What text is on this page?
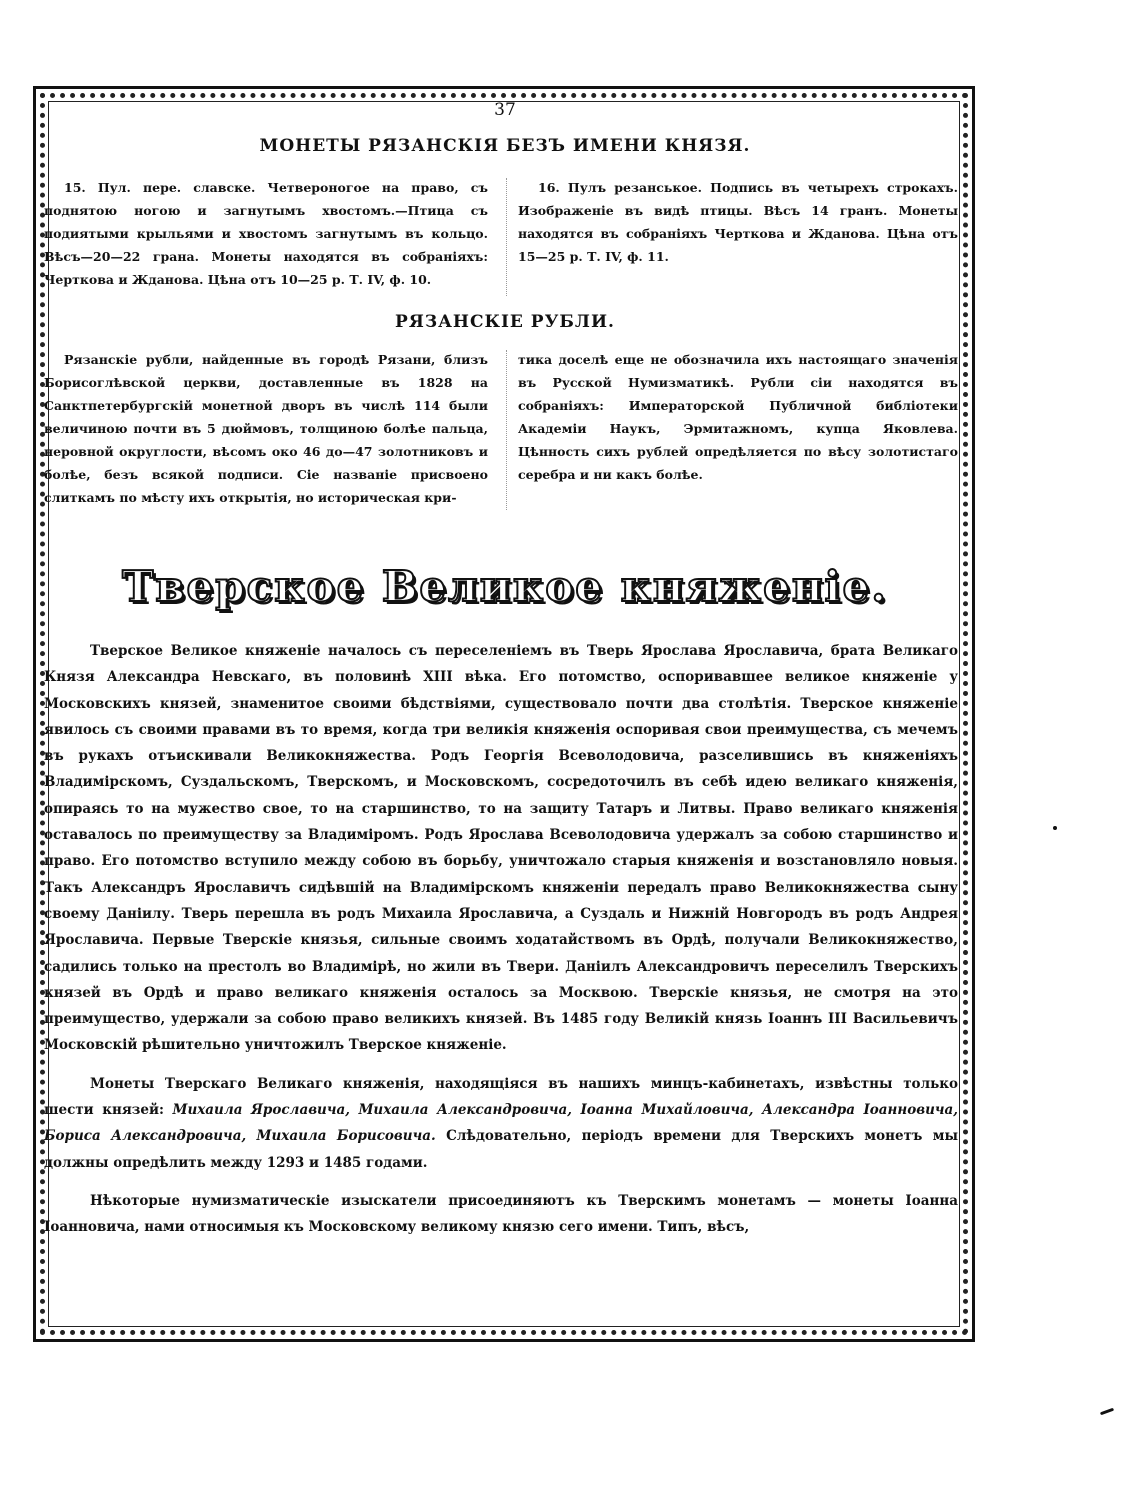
37
МОНЕТЫ РЯЗАНСКIЯ БЕЗЪ ИМЕНИ КНЯЗЯ.

15. Пул. пере. славске. Четвероногое на право, съ поднятою ногою и загнутымъ хвостомъ.—Птица съ подиятыми крыльями и хвостомъ загнутымъ въ кольцо. Вѣсъ—20—22 грана. Монеты находятся въ собранiяхъ: Черткова и Жданова. Цѣна отъ 10—25 р. Т. IV, ф. 10.

16. Пулъ резанськое. Подпись въ четырехъ строкахъ. Изображенiе въ видѣ птицы. Вѣсъ 14 гранъ. Монеты находятся въ собранiяхъ Черткова и Жданова. Цѣна отъ 15—25 р. Т. IV, ф. 11.

РЯЗАНСКIЕ РУБЛИ.

Рязанскiе рубли, найденные въ городѣ Рязани, близъ Борисоглѣвской церкви, доставленные въ 1828 на Санктпетербургскiй монетной дворъ въ числѣ 114 были величиною почти въ 5 дюймовъ, толщиною болѣе пальца, неровной округлости, вѣсомъ око 46 до—47 золотниковъ и болѣе, безъ всякой подписи. Сiе названiе присвоено слиткамъ по мѣсту ихъ открытiя, но историческая кри-

тика доселѣ еще не обозначила ихъ настоящаго значенiя въ Русской Нумизматикѣ. Рубли сiи находятся въ собранiяхъ: Императорской Публичной библiотеки Академiи Наукъ, Эрмитажномъ, купца Яковлева. Цѣнность сихъ рублей опредѣляется по вѣсу золотистаго серебра и ни какъ болѣе.

Тверское Великое княженiе.

Тверское Великое княженiе началось съ переселенiемъ въ Тверь Ярослава Ярославича, брата Великаго Князя Александра Невскаго, въ половинѣ XIII вѣка. Его потомство, оспоривавшее великое княженiе у Московскихъ князей, знаменитое своими бѣдствiями, существовало почти два столѣтiя. Тверское княженiе явилось съ своими правами въ то время, когда три великiя княженiя оспоривая свои преимущества, съ мечемъ въ рукахъ отъискивали Великокняжества. Родъ Георгiя Всеволодовича, разселившись въ княженiяхъ Владимiрскомъ, Суздальскомъ, Тверскомъ, и Московскомъ, сосредоточилъ въ себѣ идею великаго княженiя, опираясь то на мужество свое, то на старшинство, то на защиту Татаръ и Литвы. Право великаго княженiя оставалось по преимуществу за Владимiромъ. Родъ Ярослава Всеволодовича удержалъ за собою старшинство и право. Его потомство вступило между собою въ борьбу, уничтожало старыя княженiя и возстановляло новыя. Такъ Александръ Ярославичъ сидѣвшiй на Владимiрскомъ княженiи передалъ право Великокняжества сыну своему Данiилу. Тверь перешла въ родъ Михаила Ярославича, а Суздаль и Нижнiй Новгородъ въ родъ Андрея Ярославича. Первые Тверскiе князья, сильные своимъ ходатайствомъ въ Ордѣ, получали Великокняжество, садились только на престолъ во Владимiрѣ, но жили въ Твери. Данiилъ Александровичъ переселилъ Тверскихъ князей въ Ордѣ и право великаго княженiя осталось за Москвою. Тверскiе князья, не смотря на это преимущество, удержали за собою право великихъ князей. Въ 1485 году Великiй князь Iоаннъ III Васильевичъ Московскiй рѣшительно уничтожилъ Тверское княженiе.

Монеты Тверскаго Великаго княженiя, находящiяся въ нашихъ минцъ-кабинетахъ, извѣстны только шести князей: Михаила Ярославича, Михаила Александровича, Iоанна Михайловича, Александра Iоанновича, Бориса Александровича, Михаила Борисовича. Слѣдовательно, перiодъ времени для Тверскихъ монетъ мы должны опредѣлить между 1293 и 1485 годами.

Нѣкоторые нумизматическiе изыскатели присоединяютъ къ Тверскимъ монетамъ — монеты Iоанна Iоанновича, нами относимыя къ Московскому великому князю сего имени. Типъ, вѣсъ,
